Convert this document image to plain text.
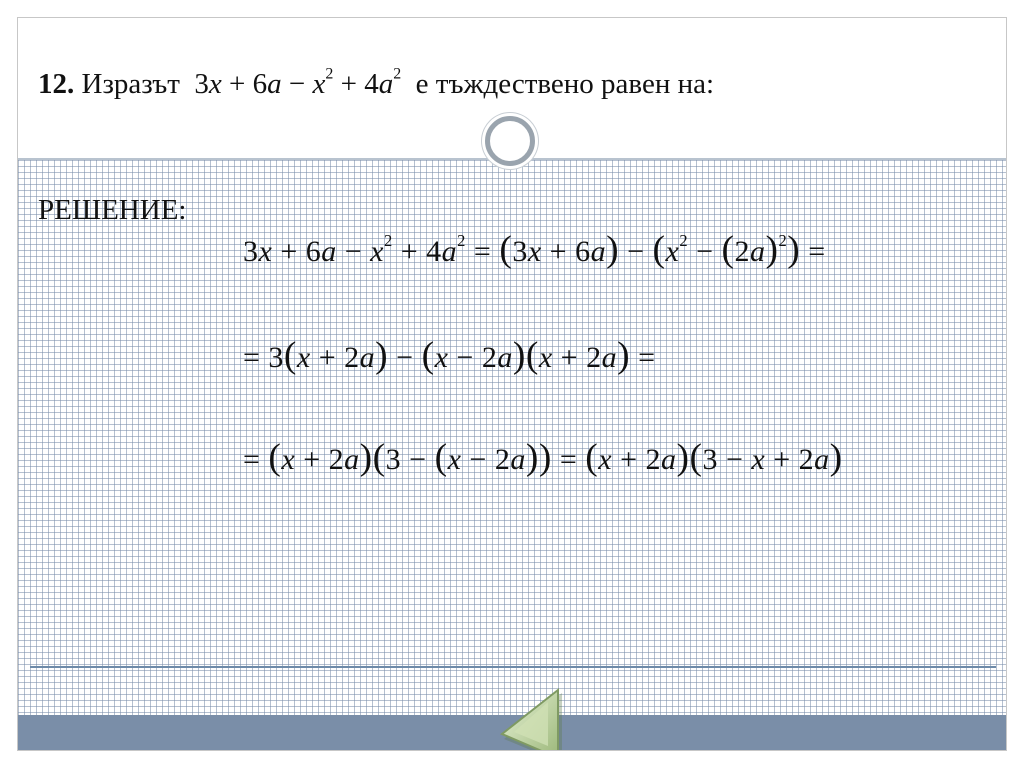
12. Изразът $3x + 6a - x^2 + 4a^2$ е тъждествено равен на:
РЕШЕНИЕ:
$3x + 6a - x^2 + 4a^2 = (3x + 6a) - (x^2 - (2a)^2)$ =
= 3(x + 2a) − (x − 2a)(x + 2a) =
= (x + 2a)(3 − (x − 2a)) = (x + 2a)(3 − x + 2a)
